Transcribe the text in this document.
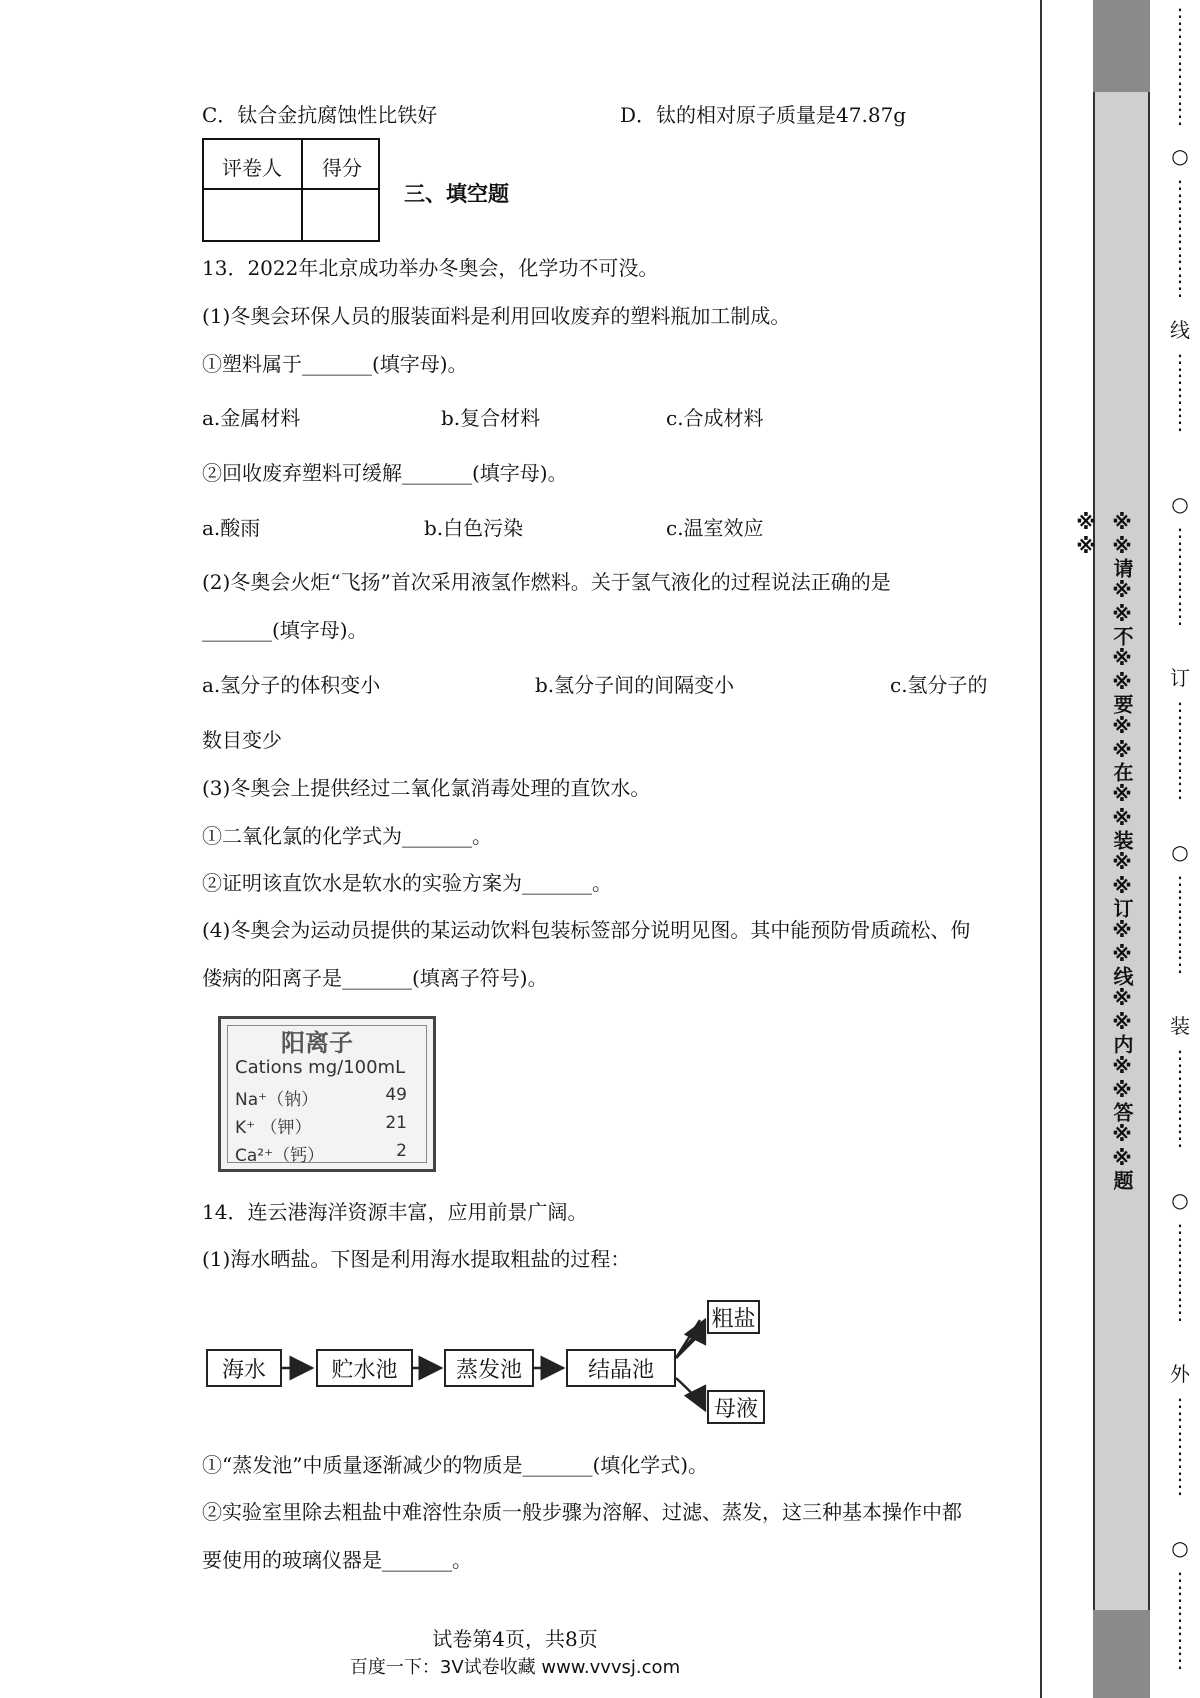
C．钛合金抗腐蚀性比铁好	D．钛的相对原子质量是47.87g
评卷人 得分
三、填空题
13．2022年北京成功举办冬奥会，化学功不可没。
(1)冬奥会环保人员的服装面料是利用回收废弃的塑料瓶加工制成。
①塑料属于_______(填字母)。
a.金属材料	b.复合材料	c.合成材料
②回收废弃塑料可缓解_______(填字母)。
a.酸雨	b.白色污染	c.温室效应
(2)冬奥会火炬“飞扬”首次采用液氢作燃料。关于氢气液化的过程说法正确的是
_______(填字母)。
a.氢分子的体积变小	b.氢分子间的间隔变小	c.氢分子的
数目变少
(3)冬奥会上提供经过二氧化氯消毒处理的直饮水。
①二氧化氯的化学式为_______。
②证明该直饮水是软水的实验方案为_______。
(4)冬奥会为运动员提供的某运动饮料包装标签部分说明见图。其中能预防骨质疏松、佝
偻病的阳离子是_______(填离子符号)。
阳离子
Cations mg/100mL
Na⁺（钠）	49
K⁺ （钾）	21
Ca²⁺（钙）	2
14．连云港海洋资源丰富，应用前景广阔。
(1)海水晒盐。下图是利用海水提取粗盐的过程：
海水	贮水池	蒸发池	结晶池
粗盐
母液
①“蒸发池”中质量逐渐减少的物质是_______(填化学式)。
②实验室里除去粗盐中难溶性杂质一般步骤为溶解、过滤、蒸发，这三种基本操作中都
要使用的玻璃仪器是_______。
试卷第4页，共8页
百度一下：3V试卷收藏 www.vvvsj.com
※※请※※不※※要※※在※※装※※订※※线※※内※※答※※题※※
⋮
⋮
⋮
⋮
⋮
⋮
○
⋮
⋮
⋮
⋮
⋮
⋮
线
⋮
⋮
⋮
⋮
○
⋮
⋮
⋮
⋮
⋮
订
⋮
⋮
⋮
⋮
⋮
○
⋮
⋮
⋮
⋮
⋮
装
⋮
⋮
⋮
⋮
⋮
○
⋮
⋮
⋮
⋮
⋮
外
⋮
⋮
⋮
⋮
⋮
○
⋮
⋮
⋮
⋮
⋮
